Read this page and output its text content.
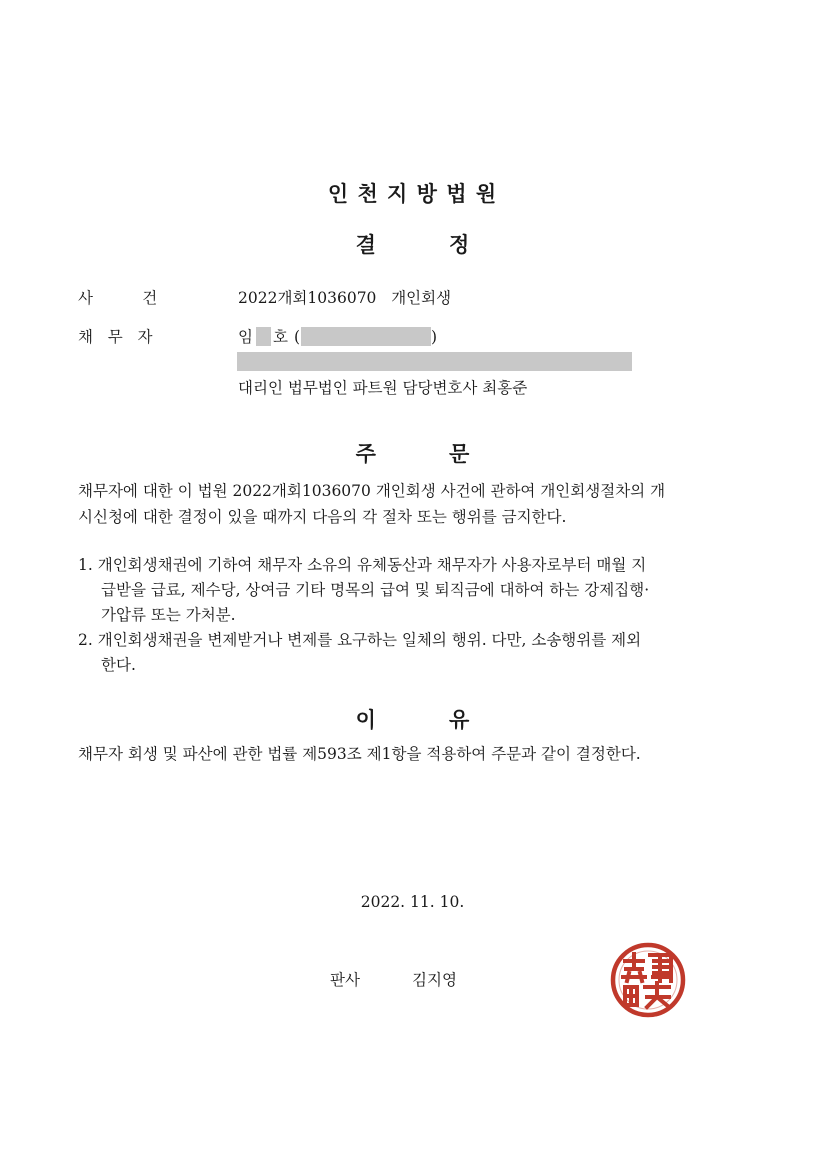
인 천 지 방 법 원
결          정
사          건	2022개회1036070   개인회생
채   무   자	임 호 (	)
대리인 법무법인 파트원 담당변호사 최홍준
주          문
채무자에 대한 이 법원 2022개회1036070 개인회생 사건에 관하여 개인회생절차의 개
시신청에 대한 결정이 있을 때까지 다음의 각 절차 또는 행위를 금지한다.
1. 개인회생채권에 기하여 채무자 소유의 유체동산과 채무자가 사용자로부터 매월 지
급받을 급료, 제수당, 상여금 기타 명목의 급여 및 퇴직금에 대하여 하는 강제집행·
가압류 또는 가처분.
2. 개인회생채권을 변제받거나 변제를 요구하는 일체의 행위. 다만, 소송행위를 제외
한다.
이          유
채무자 회생 및 파산에 관한 법률 제593조 제1항을 적용하여 주문과 같이 결정한다.
2022. 11. 10.
판사	김지영
